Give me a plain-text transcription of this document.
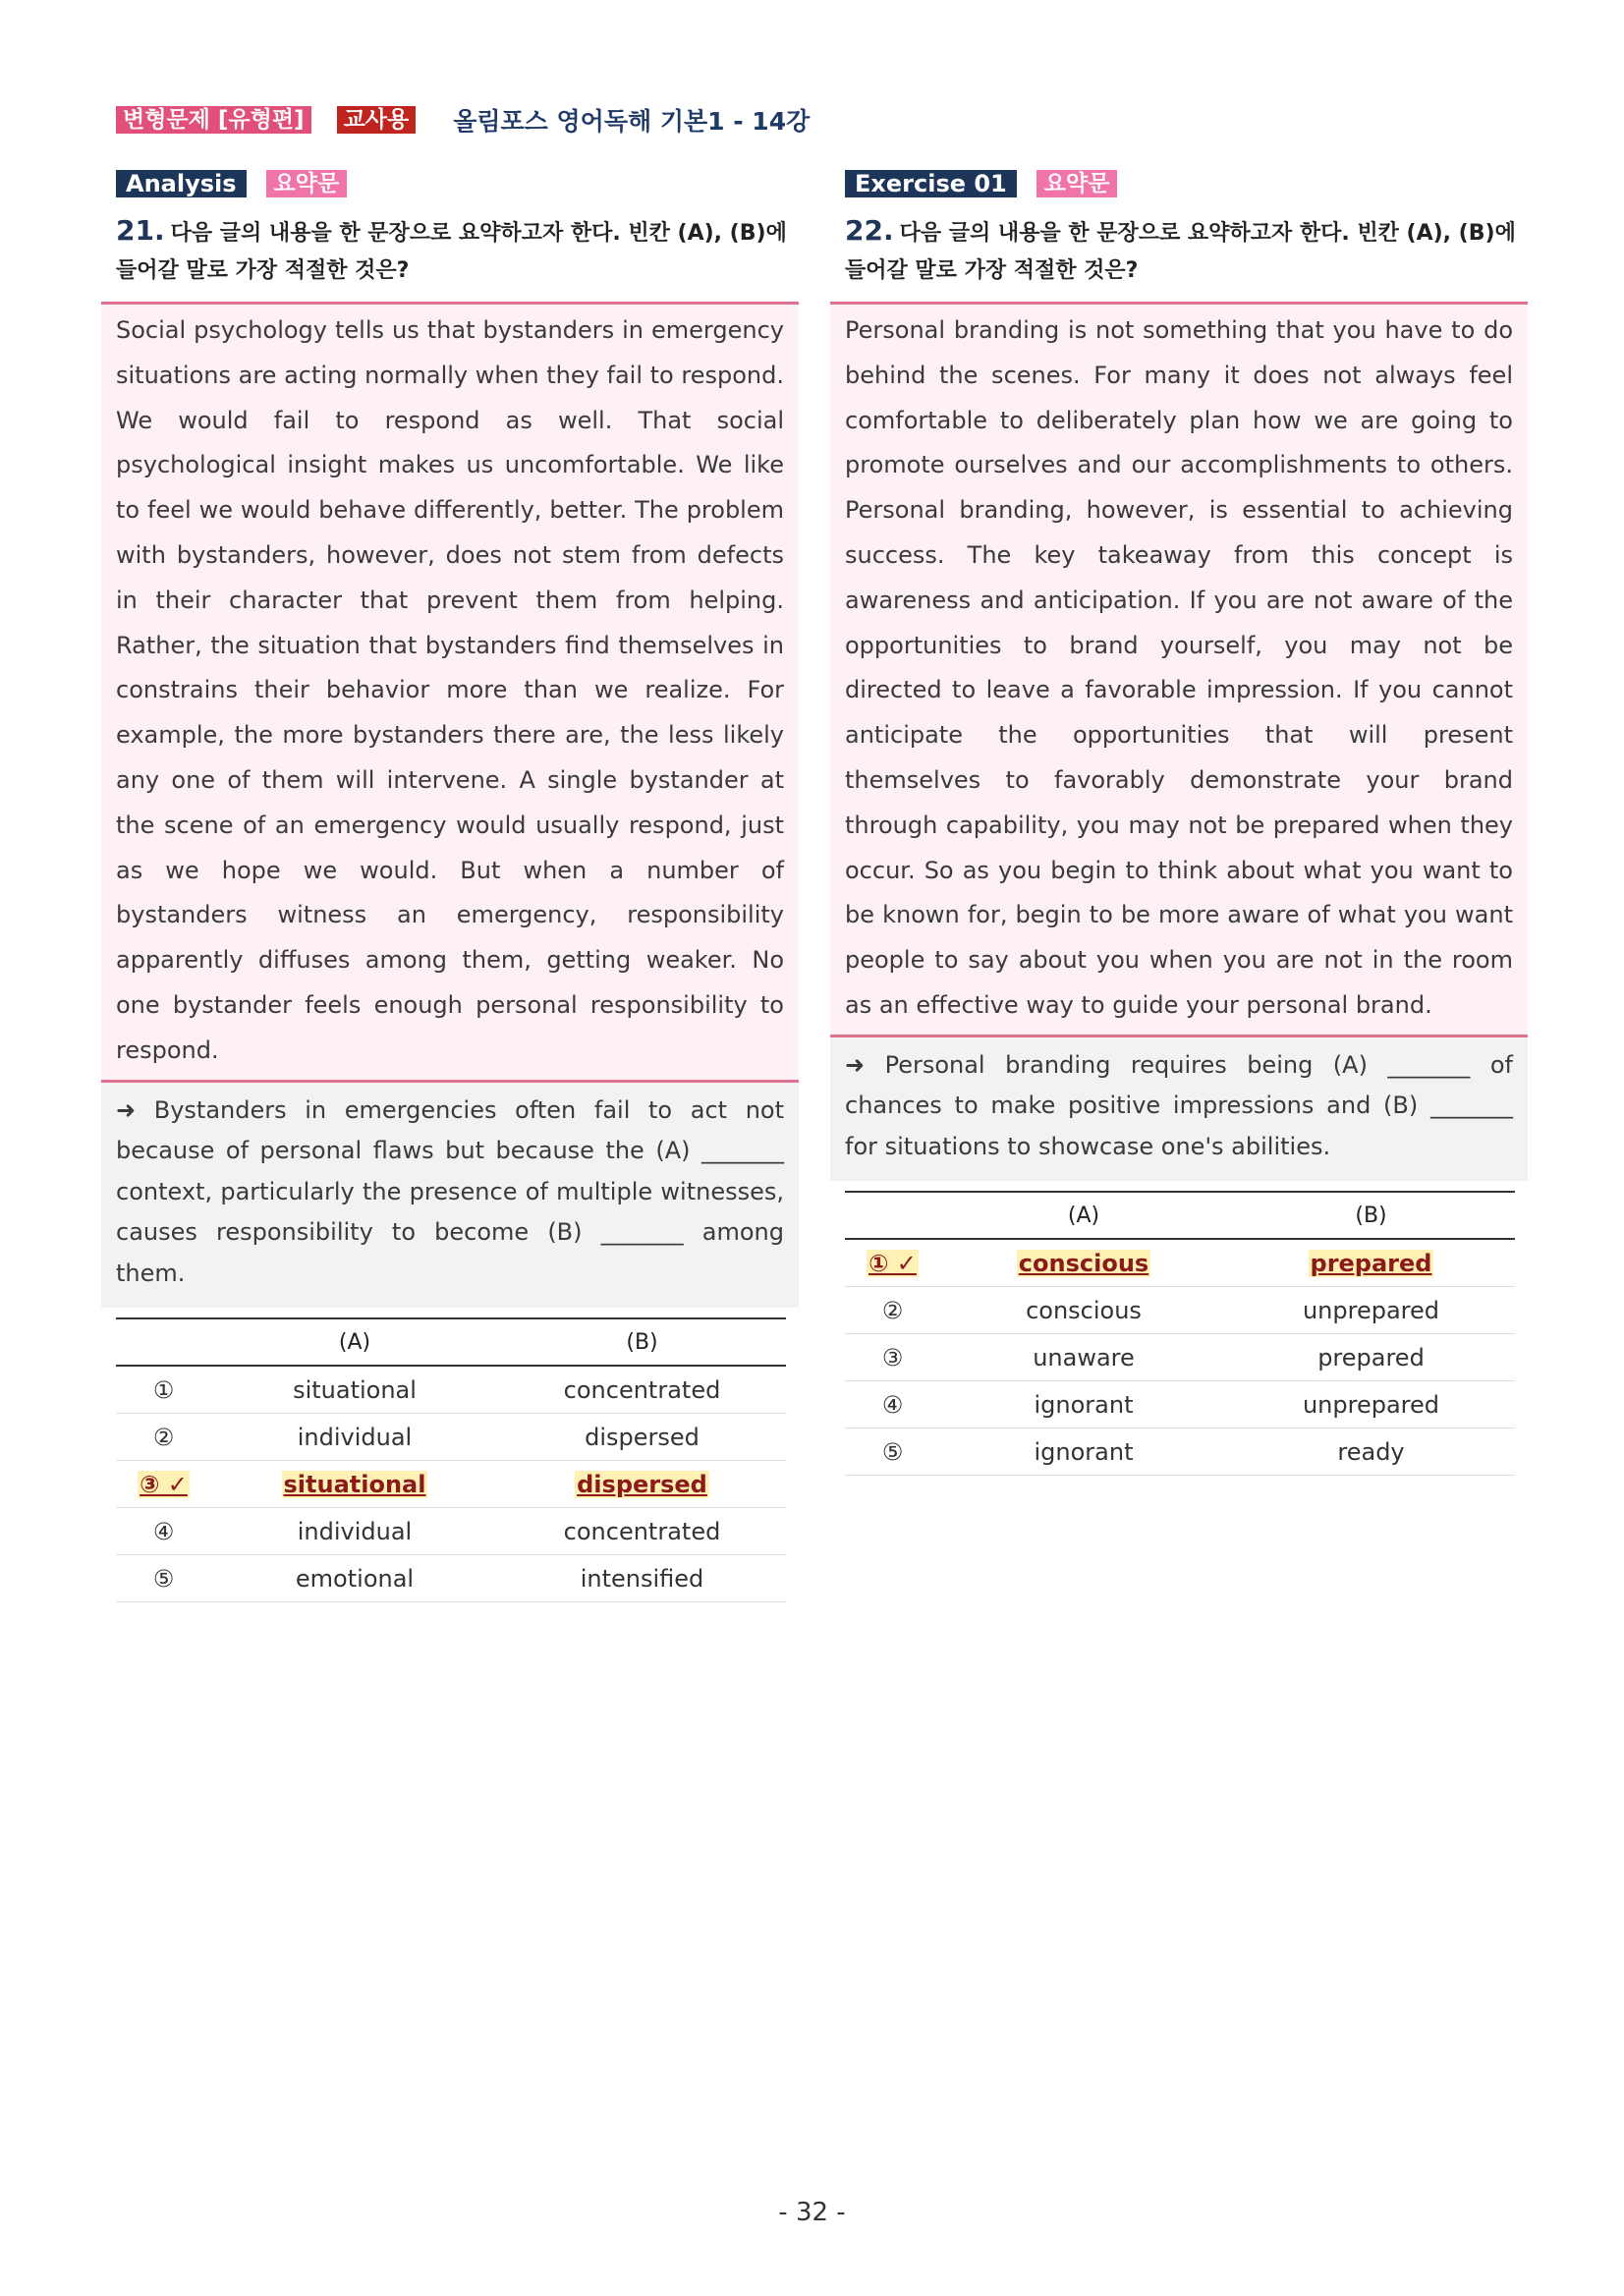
변형문제 [유형편]	교사용 올림포스 영어독해 기본1 - 14강
Analysis	요약문
21. 다음 글의 내용을 한 문장으로 요약하고자 한다. 빈칸 (A), (B)에 들어갈 말로 가장 적절한 것은?

Social psychology tells us that bystanders in emergency situations are acting normally when they fail to respond. We would fail to respond as well. That social psychological insight makes us uncomfortable. We like to feel we would behave differently, better. The problem with bystanders, however, does not stem from defects in their character that prevent them from helping. Rather, the situation that bystanders find themselves in constrains their behavior more than we realize. For example, the more bystanders there are, the less likely any one of them will intervene. A single bystander at the scene of an emergency would usually respond, just as we hope we would. But when a number of bystanders witness an emergency, responsibility apparently diffuses among them, getting weaker. No one bystander feels enough personal responsibility to respond.

➜ Bystanders in emergencies often fail to act not because of personal flaws but because the (A) _______ context, particularly the presence of multiple witnesses, causes responsibility to become (B) _______ among them.

	(A)	(B)
①	situational	concentrated
②	individual	dispersed
③ ✓	situational	dispersed
④	individual	concentrated
⑤	emotional	intensified
Exercise 01	요약문
22. 다음 글의 내용을 한 문장으로 요약하고자 한다. 빈칸 (A), (B)에 들어갈 말로 가장 적절한 것은?

Personal branding is not something that you have to do behind the scenes. For many it does not always feel comfortable to deliberately plan how we are going to promote ourselves and our accomplishments to others. Personal branding, however, is essential to achieving success. The key takeaway from this concept is awareness and anticipation. If you are not aware of the opportunities to brand yourself, you may not be directed to leave a favorable impression. If you cannot anticipate the opportunities that will present themselves to favorably demonstrate your brand through capability, you may not be prepared when they occur. So as you begin to think about what you want to be known for, begin to be more aware of what you want people to say about you when you are not in the room as an effective way to guide your personal brand.

➜ Personal branding requires being (A) _______ of chances to make positive impressions and (B) _______ for situations to showcase one's abilities.

	(A)	(B)
① ✓	conscious	prepared
②	conscious	unprepared
③	unaware	prepared
④	ignorant	unprepared
⑤	ignorant	ready
- 32 -
